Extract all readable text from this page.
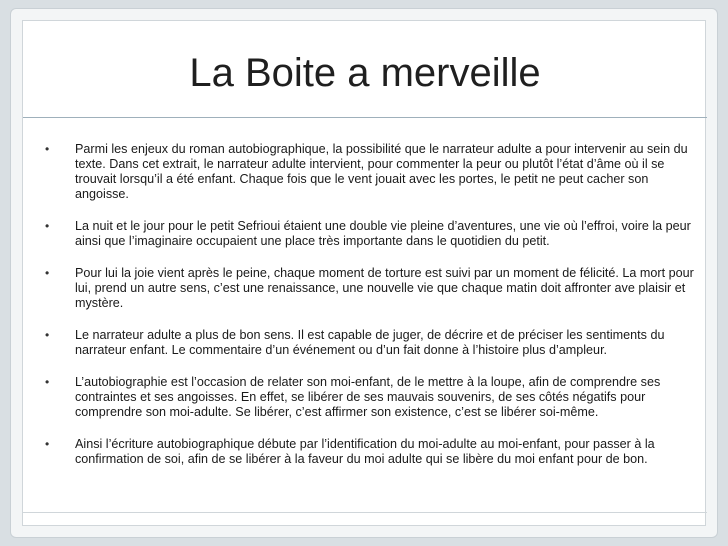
La Boite a merveille
•	Parmi les enjeux du roman autobiographique, la possibilité que le narrateur adulte a pour intervenir au sein du texte. Dans cet extrait, le narrateur adulte intervient, pour commenter la peur ou plutôt l’état d’âme où il se trouvait lorsqu’il a été enfant. Chaque fois que le vent jouait avec les portes, le petit ne peut cacher son angoisse.
•	La nuit et le jour pour le petit Sefrioui étaient une double vie pleine d’aventures, une vie où l’effroi, voire la peur ainsi que l’imaginaire occupaient une place très importante dans le quotidien du petit.
•	Pour lui la joie vient après le peine, chaque moment de torture est suivi par un moment de félicité. La mort pour lui, prend un autre sens, c’est une renaissance, une nouvelle vie que chaque matin doit affronter ave plaisir et mystère.
•	Le narrateur adulte a plus de bon sens. Il est capable de juger, de décrire et de préciser les sentiments du narrateur enfant. Le commentaire d’un événement ou d’un fait donne à l’histoire plus d’ampleur.
•	L’autobiographie est l’occasion de relater son moi-enfant, de le mettre à la loupe, afin de comprendre ses contraintes et ses angoisses. En effet, se libérer de ses mauvais souvenirs, de ses côtés négatifs pour comprendre son moi-adulte. Se libérer, c’est affirmer son existence, c’est se libérer soi-même.
•	Ainsi l’écriture autobiographique débute par l’identification du moi-adulte au moi-enfant, pour passer à la confirmation de soi, afin de se libérer à la faveur du moi adulte qui se libère du moi enfant pour de bon.
